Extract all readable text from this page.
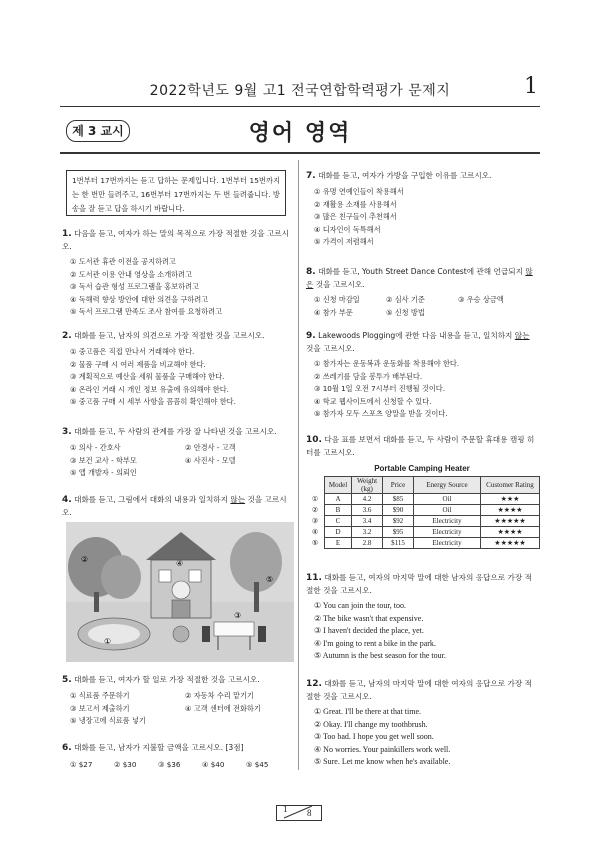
2022학년도 9월 고1 전국연합학력평가 문제지	1
제 3 교시	영어 영역
1번부터 17번까지는 듣고 답하는 문제입니다. 1번부터 15번까지는 한 번만 들려주고, 16번부터 17번까지는 두 번 들려줍니다. 방송을 잘 듣고 답을 하시기 바랍니다.
1. 다음을 듣고, 여자가 하는 말의 목적으로 가장 적절한 것을 고르시오.
① 도서관 휴관 이전을 공지하려고
② 도서관 이용 안내 영상을 소개하려고
③ 독서 습관 형성 프로그램을 홍보하려고
④ 독해력 향상 방안에 대한 의견을 구하려고
⑤ 독서 프로그램 만족도 조사 참여를 요청하려고
2. 대화를 듣고, 남자의 의견으로 가장 적절한 것을 고르시오.
① 중고품은 직접 만나서 거래해야 한다.
② 물품 구매 시 여러 제품을 비교해야 한다.
③ 계획적으로 예산을 세워 물품을 구매해야 한다.
④ 온라인 거래 시 개인 정보 유출에 유의해야 한다.
⑤ 중고품 구매 시 세부 사항을 꼼꼼히 확인해야 한다.
3. 대화를 듣고, 두 사람의 관계를 가장 잘 나타낸 것을 고르시오.
① 의사 - 간호사	② 안경사 - 고객
③ 보건 교사 - 학부모	④ 사진사 - 모델
⑤ 앱 개발자 - 의뢰인
4. 대화를 듣고, 그림에서 대화의 내용과 일치하지 않는 것을 고르시오.
①
②
③
④
⑤
5. 대화를 듣고, 여자가 할 일로 가장 적절한 것을 고르시오.
① 식료품 주문하기	② 자동차 수리 맡기기
③ 보고서 제출하기	④ 고객 센터에 전화하기
⑤ 냉장고에 식료품 넣기
6. 대화를 듣고, 남자가 지불할 금액을 고르시오. [3점]
① $27	② $30	③ $36	④ $40	⑤ $45
7. 대화를 듣고, 여자가 가방을 구입한 이유를 고르시오.
① 유명 연예인들이 착용해서
② 재활용 소재를 사용해서
③ 많은 친구들이 추천해서
④ 디자인이 독특해서
⑤ 가격이 저렴해서
8. 대화를 듣고, Youth Street Dance Contest에 관해 언급되지 않은 것을 고르시오.
① 신청 마감일	② 심사 기준	③ 우승 상금액
④ 참가 부문	⑤ 신청 방법
9. Lakewoods Plogging에 관한 다음 내용을 듣고, 일치하지 않는 것을 고르시오.
① 참가자는 운동복과 운동화를 착용해야 한다.
② 쓰레기를 담을 봉투가 배부된다.
③ 10월 1일 오전 7시부터 진행될 것이다.
④ 학교 웹사이트에서 신청할 수 있다.
⑤ 참가자 모두 스포츠 양말을 받을 것이다.
10. 다음 표를 보면서 대화를 듣고, 두 사람이 주문할 휴대용 캠핑 히터를 고르시오.
Portable Camping Heater
	Model	Weight (kg)	Price	Energy Source	Customer Rating
①	A	4.2	$85	Oil	★★★
②	B	3.6	$90	Oil	★★★★
③	C	3.4	$92	Electricity	★★★★★
④	D	3.2	$95	Electricity	★★★★
⑤	E	2.8	$115	Electricity	★★★★★
11. 대화를 듣고, 여자의 마지막 말에 대한 남자의 응답으로 가장 적절한 것을 고르시오.
① You can join the tour, too.
② The bike wasn't that expensive.
③ I haven't decided the place, yet.
④ I'm going to rent a bike in the park.
⑤ Autumn is the best season for the tour.
12. 대화를 듣고, 남자의 마지막 말에 대한 여자의 응답으로 가장 적절한 것을 고르시오.
① Great. I'll be there at that time.
② Okay. I'll change my toothbrush.
③ Too bad. I hope you get well soon.
④ No worries. Your painkillers work well.
⑤ Sure. Let me know when he's available.
1 8
